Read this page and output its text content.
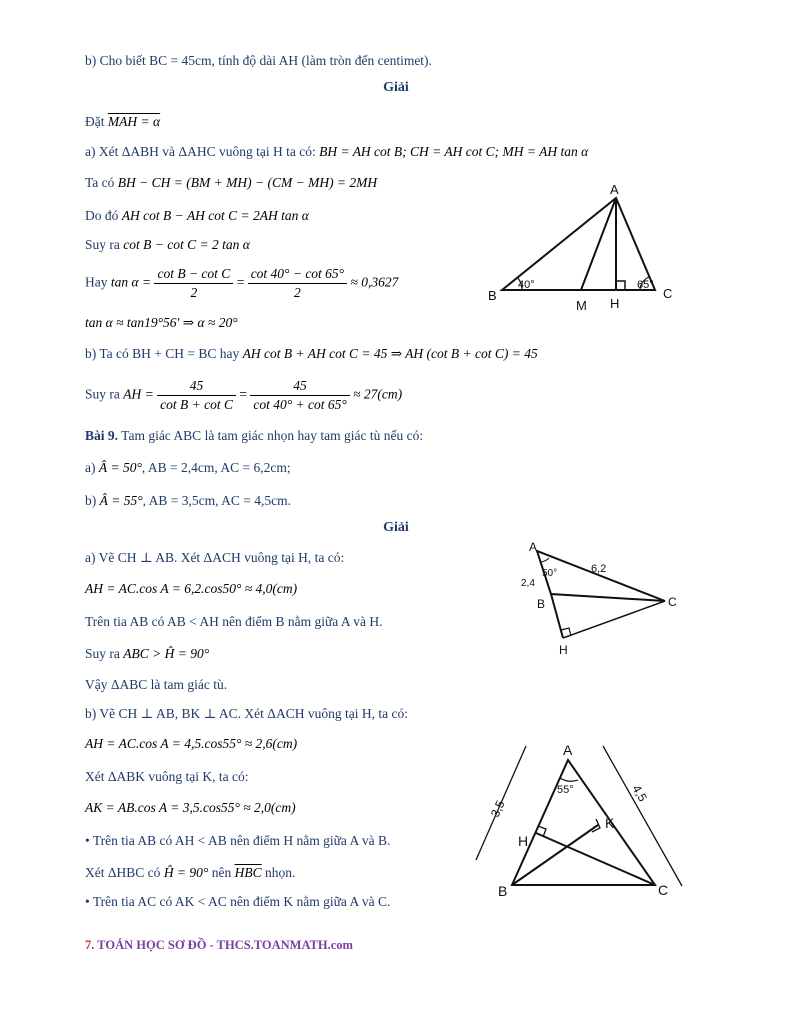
b) Cho biết BC = 45cm, tính độ dài AH (làm tròn đến centimet).
Giải
Đặt MAH = α
a) Xét ΔABH và ΔAHC vuông tại H ta có: BH = AH cot B; CH = AH cot C; MH = AH tan α
Ta có BH − CH = (BM + MH) − (CM − MH) = 2MH
Do đó AH cot B − AH cot C = 2AH tan α
Suy ra cot B − cot C = 2 tan α
Hay $\tan \alpha = \frac{\text{cot B − cot C}}{2} = \frac{\cot 40^\circ - \cot 65^\circ}{2} \approx 0,3627$
tan α ≈ tan19°56' ⇒ α ≈ 20°
b) Ta có BH + CH = BC hay AH cot B + AH cot C = 45 ⇒ AH (cot B + cot C) = 45
Suy ra AH = $\frac{45}{\text{cot B + cot C}} = \frac{45}{\cot 40^\circ + \cot 65^\circ} \approx 27(cm)$
Bài 9. Tam giác ABC là tam giác nhọn hay tam giác tù nếu có:
a) Â = 50°, AB = 2,4cm, AC = 6,2cm;
b) Â = 55°, AB = 3,5cm, AC = 4,5cm.
Giải
a) Vẽ CH ⊥ AB. Xét ΔACH vuông tại H, ta có:
AH = AC.cos A = 6,2.cos50° ≈ 4,0(cm)
Trên tia AB có AB < AH nên điểm B nằm giữa A và H.
Suy ra ABC > Ĥ = 90°
Vậy ΔABC là tam giác tù.
b) Vẽ CH ⊥ AB, BK ⊥ AC. Xét ΔACH vuông tại H, ta có:
AH = AC.cos A = 4,5.cos55° ≈ 2,6(cm)
Xét ΔABK vuông tại K, ta có:
AK = AB.cos A = 3,5.cos55° ≈ 2,0(cm)
• Trên tia AB có AH < AB nên điểm H nằm giữa A và B.
Xét ΔHBC có Ĥ = 90° nên $\overline{HBC}$ nhọn.
• Trên tia AC có AK < AC nên điểm K nằm giữa A và C.
7. TOÁN HỌC SƠ ĐỒ - THCS.TOANMATH.com
A
B	C
M H
40°	65°
A
B	C
H
50°
2,4
6,2
A
B	C
H
K
55°
3,5
4,5
